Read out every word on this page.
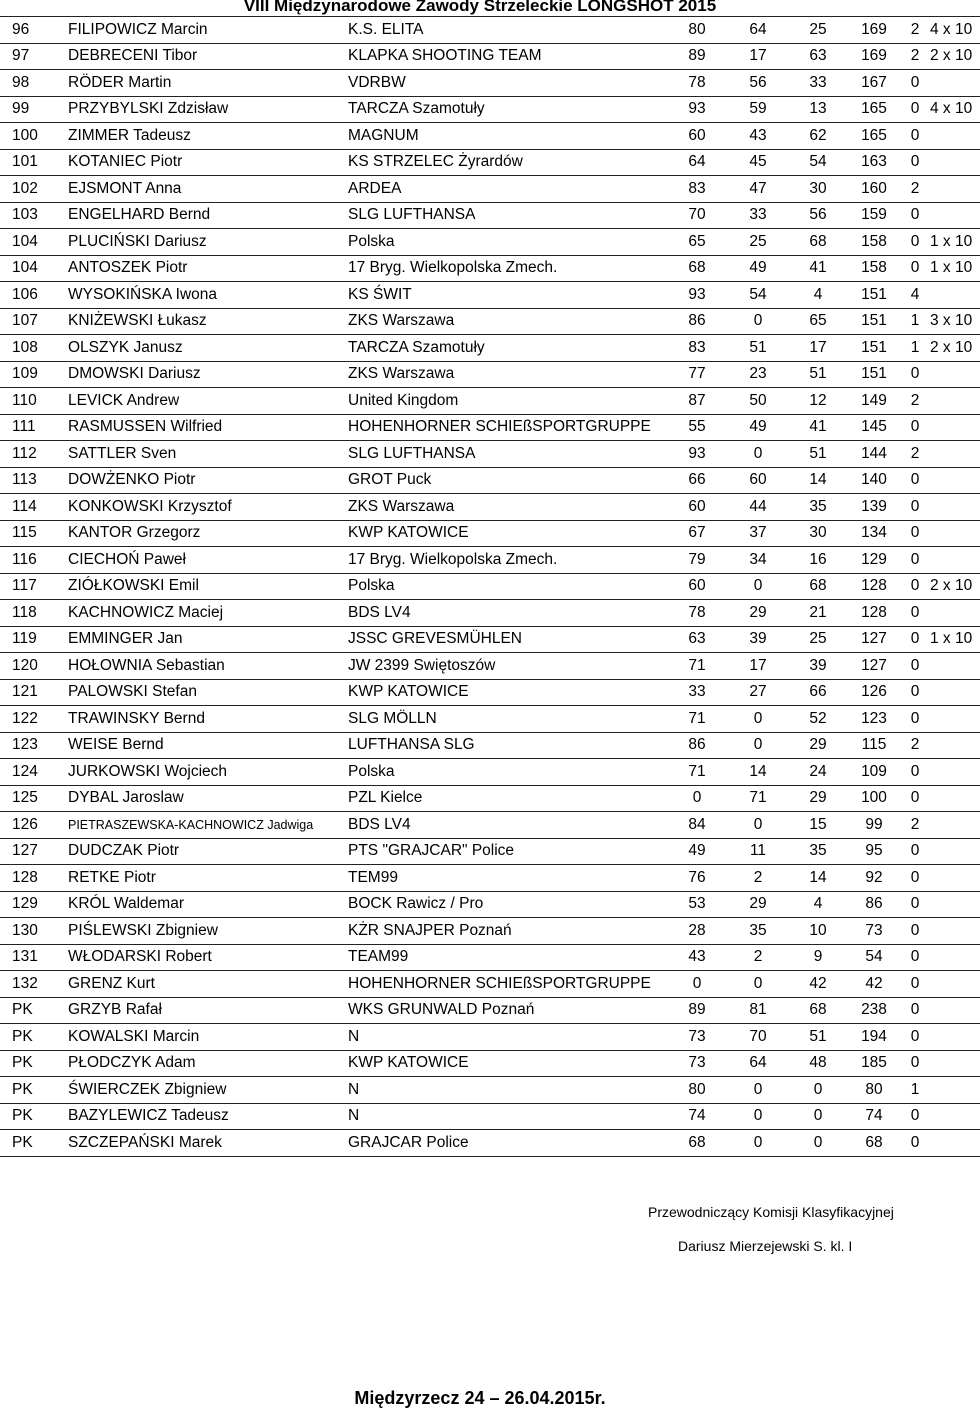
VIII Międzynarodowe Zawody Strzeleckie LONGSHOT 2015
96	FILIPOWICZ Marcin	K.S. ELITA	80	64	25	169	2	4 x 10
97	DEBRECENI Tibor	KLAPKA SHOOTING TEAM	89	17	63	169	2	2 x 10
98	RÖDER Martin	VDRBW	78	56	33	167	0	
99	PRZYBYLSKI Zdzisław	TARCZA Szamotuły	93	59	13	165	0	4 x 10
100	ZIMMER Tadeusz	MAGNUM	60	43	62	165	0	
101	KOTANIEC Piotr	KS STRZELEC Żyrardów	64	45	54	163	0	
102	EJSMONT Anna	ARDEA	83	47	30	160	2	
103	ENGELHARD Bernd	SLG LUFTHANSA	70	33	56	159	0	
104	PLUCIŃSKI Dariusz	Polska	65	25	68	158	0	1 x 10
104	ANTOSZEK Piotr	17 Bryg. Wielkopolska Zmech.	68	49	41	158	0	1 x 10
106	WYSOKIŃSKA Iwona	KS ŚWIT	93	54	4	151	4	
107	KNIŻEWSKI Łukasz	ZKS Warszawa	86	0	65	151	1	3 x 10
108	OLSZYK Janusz	TARCZA Szamotuły	83	51	17	151	1	2 x 10
109	DMOWSKI Dariusz	ZKS Warszawa	77	23	51	151	0	
110	LEVICK Andrew	United Kingdom	87	50	12	149	2	
111	RASMUSSEN Wilfried	HOHENHORNER SCHIEßSPORTGRUPPE	55	49	41	145	0	
112	SATTLER Sven	SLG LUFTHANSA	93	0	51	144	2	
113	DOWŻENKO Piotr	GROT Puck	66	60	14	140	0	
114	KONKOWSKI Krzysztof	ZKS Warszawa	60	44	35	139	0	
115	KANTOR Grzegorz	KWP KATOWICE	67	37	30	134	0	
116	CIECHOŃ Paweł	17 Bryg. Wielkopolska Zmech.	79	34	16	129	0	
117	ZIÓŁKOWSKI Emil	Polska	60	0	68	128	0	2 x 10
118	KACHNOWICZ Maciej	BDS LV4	78	29	21	128	0	
119	EMMINGER Jan	JSSC GREVESMÜHLEN	63	39	25	127	0	1 x 10
120	HOŁOWNIA Sebastian	JW 2399 Swiętoszów	71	17	39	127	0	
121	PALOWSKI Stefan	KWP KATOWICE	33	27	66	126	0	
122	TRAWINSKY Bernd	SLG MÖLLN	71	0	52	123	0	
123	WEISE Bernd	LUFTHANSA SLG	86	0	29	115	2	
124	JURKOWSKI Wojciech	Polska	71	14	24	109	0	
125	DYBAL Jaroslaw	PZL Kielce	0	71	29	100	0	
126	PIETRASZEWSKA-KACHNOWICZ Jadwiga	BDS LV4	84	0	15	99	2	
127	DUDCZAK Piotr	PTS "GRAJCAR" Police	49	11	35	95	0	
128	RETKE Piotr	TEM99	76	2	14	92	0	
129	KRÓL Waldemar	BOCK Rawicz / Pro	53	29	4	86	0	
130	PIŚLEWSKI Zbigniew	KŻR SNAJPER Poznań	28	35	10	73	0	
131	WŁODARSKI Robert	TEAM99	43	2	9	54	0	
132	GRENZ Kurt	HOHENHORNER SCHIEßSPORTGRUPPE	0	0	42	42	0	
PK	GRZYB Rafał	WKS GRUNWALD Poznań	89	81	68	238	0	
PK	KOWALSKI Marcin	N	73	70	51	194	0	
PK	PŁODCZYK Adam	KWP KATOWICE	73	64	48	185	0	
PK	ŚWIERCZEK Zbigniew	N	80	0	0	80	1	
PK	BAZYLEWICZ Tadeusz	N	74	0	0	74	0	
PK	SZCZEPAŃSKI Marek	GRAJCAR Police	68	0	0	68	0	
Przewodniczący Komisji Klasyfikacyjnej
Dariusz Mierzejewski S. kl. I
Międzyrzecz 24 – 26.04.2015r.
